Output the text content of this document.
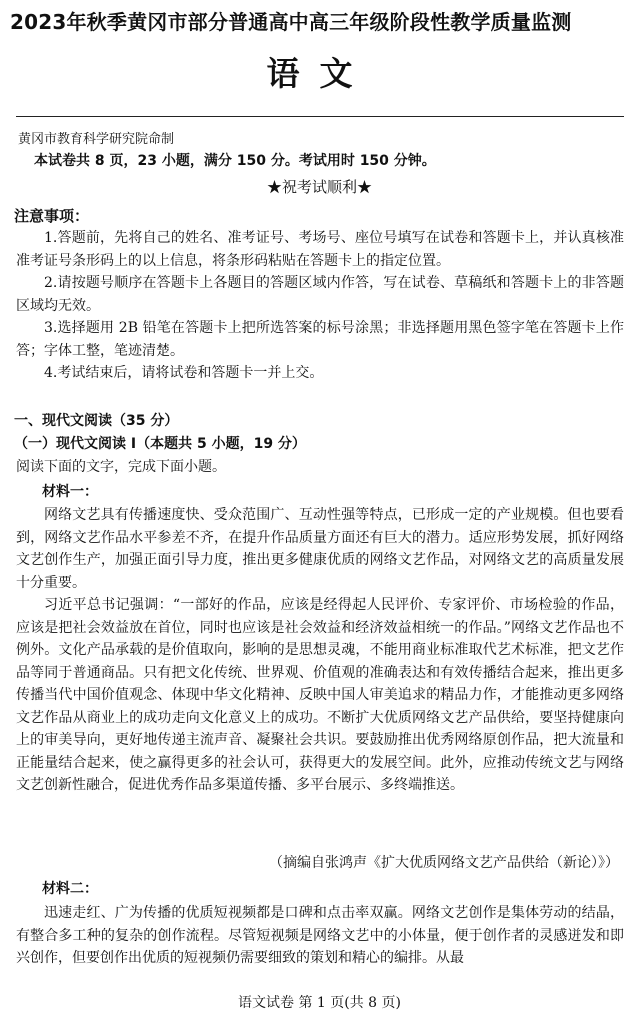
2023年秋季黄冈市部分普通高中高三年级阶段性教学质量监测
语文
黄冈市教育科学研究院命制
本试卷共 8 页，23 小题，满分 150 分。考试用时 150 分钟。
★祝考试顺利★
注意事项：

1.答题前，先将自己的姓名、准考证号、考场号、座位号填写在试卷和答题卡上，并认真核准准考证号条形码上的以上信息，将条形码粘贴在答题卡上的指定位置。

2.请按题号顺序在答题卡上各题目的答题区域内作答，写在试卷、草稿纸和答题卡上的非答题区域均无效。

3.选择题用 2B 铅笔在答题卡上把所选答案的标号涂黑；非选择题用黑色签字笔在答题卡上作答；字体工整，笔迹清楚。

4.考试结束后，请将试卷和答题卡一并上交。

一、现代文阅读（35 分）
（一）现代文阅读 I（本题共 5 小题，19 分）
阅读下面的文字，完成下面小题。
材料一：

网络文艺具有传播速度快、受众范围广、互动性强等特点，已形成一定的产业规模。但也要看到，网络文艺作品水平参差不齐，在提升作品质量方面还有巨大的潜力。适应形势发展，抓好网络文艺创作生产，加强正面引导力度，推出更多健康优质的网络文艺作品，对网络文艺的高质量发展十分重要。

习近平总书记强调：“一部好的作品，应该是经得起人民评价、专家评价、市场检验的作品，应该是把社会效益放在首位，同时也应该是社会效益和经济效益相统一的作品。”网络文艺作品也不例外。文化产品承载的是价值取向，影响的是思想灵魂，不能用商业标准取代艺术标准，把文艺作品等同于普通商品。只有把文化传统、世界观、价值观的准确表达和有效传播结合起来，推出更多传播当代中国价值观念、体现中华文化精神、反映中国人审美追求的精品力作，才能推动更多网络文艺作品从商业上的成功走向文化意义上的成功。不断扩大优质网络文艺产品供给，要坚持健康向上的审美导向，更好地传递主流声音、凝聚社会共识。要鼓励推出优秀网络原创作品，把大流量和正能量结合起来，使之赢得更多的社会认可，获得更大的发展空间。此外，应推动传统文艺与网络文艺创新性融合，促进优秀作品多渠道传播、多平台展示、多终端推送。

（摘编自张鸿声《扩大优质网络文艺产品供给（新论）》）
材料二：

迅速走红、广为传播的优质短视频都是口碑和点击率双赢。网络文艺创作是集体劳动的结晶，有整合多工种的复杂的创作流程。尽管短视频是网络文艺中的小体量，便于创作者的灵感迸发和即兴创作，但要创作出优质的短视频仍需要细致的策划和精心的编排。从最

语文试卷 第 1 页(共 8 页)
